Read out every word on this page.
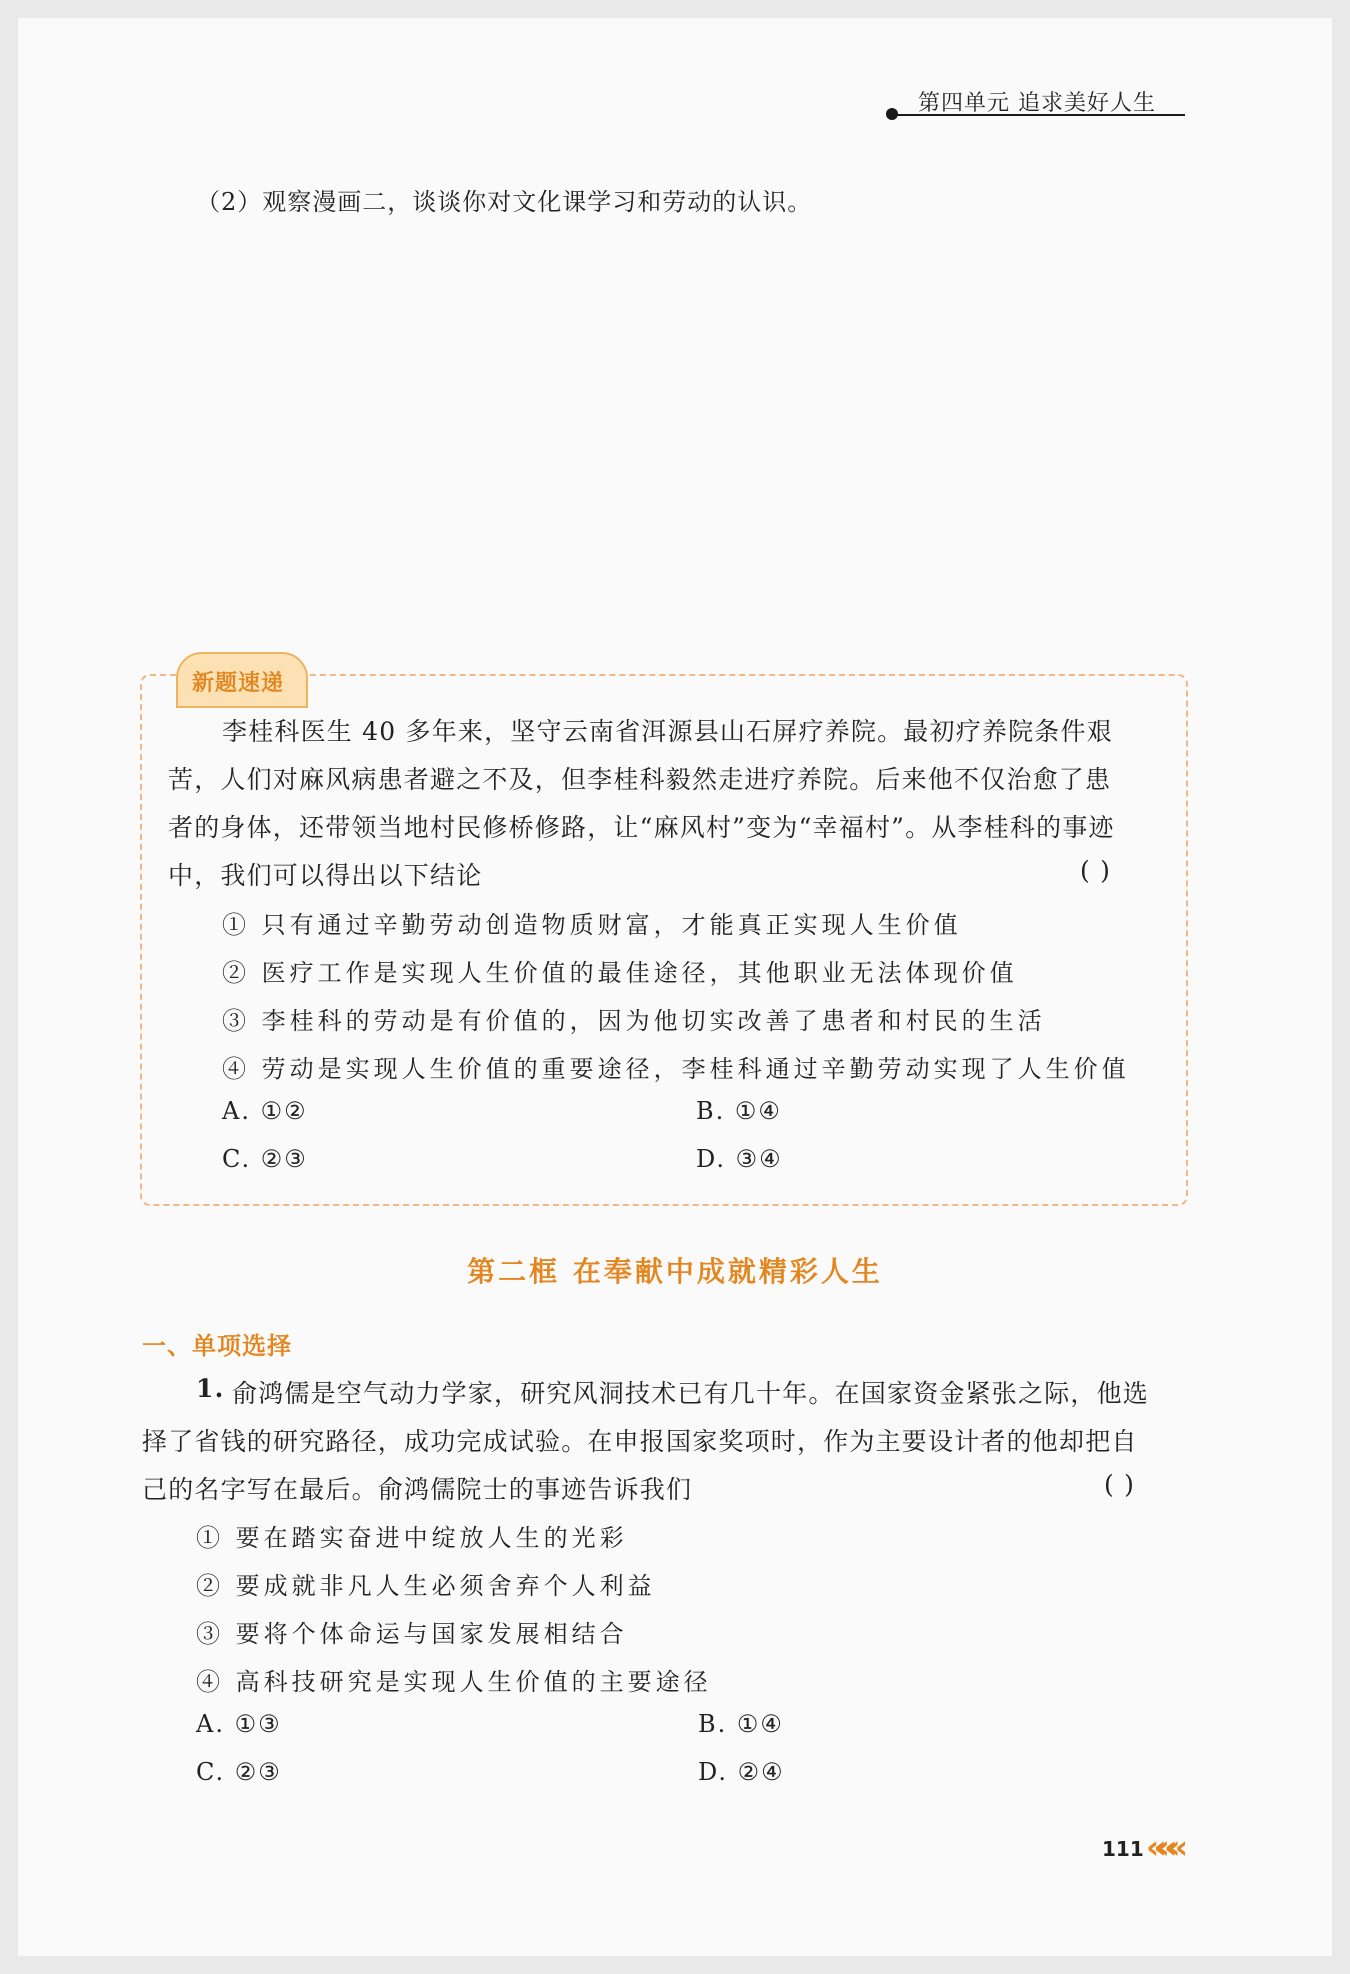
第四单元 追求美好人生
（2）观察漫画二，谈谈你对文化课学习和劳动的认识。
新题速递
李桂科医生 40 多年来，坚守云南省洱源县山石屏疗养院。最初疗养院条件艰
苦，人们对麻风病患者避之不及，但李桂科毅然走进疗养院。后来他不仅治愈了患
者的身体，还带领当地村民修桥修路，让“麻风村”变为“幸福村”。从李桂科的事迹
中，我们可以得出以下结论	( )
① 只有通过辛勤劳动创造物质财富，才能真正实现人生价值
② 医疗工作是实现人生价值的最佳途径，其他职业无法体现价值
③ 李桂科的劳动是有价值的，因为他切实改善了患者和村民的生活
④ 劳动是实现人生价值的重要途径，李桂科通过辛勤劳动实现了人生价值
A. ①②	B. ①④
C. ②③	D. ③④
第二框 在奉献中成就精彩人生
一、单项选择
1. 俞鸿儒是空气动力学家，研究风洞技术已有几十年。在国家资金紧张之际，他选
择了省钱的研究路径，成功完成试验。在申报国家奖项时，作为主要设计者的他却把自
己的名字写在最后。俞鸿儒院士的事迹告诉我们	( )
① 要在踏实奋进中绽放人生的光彩
② 要成就非凡人生必须舍弃个人利益
③ 要将个体命运与国家发展相结合
④ 高科技研究是实现人生价值的主要途径
A. ①③	B. ①④
C. ②③	D. ②④
111 «««
